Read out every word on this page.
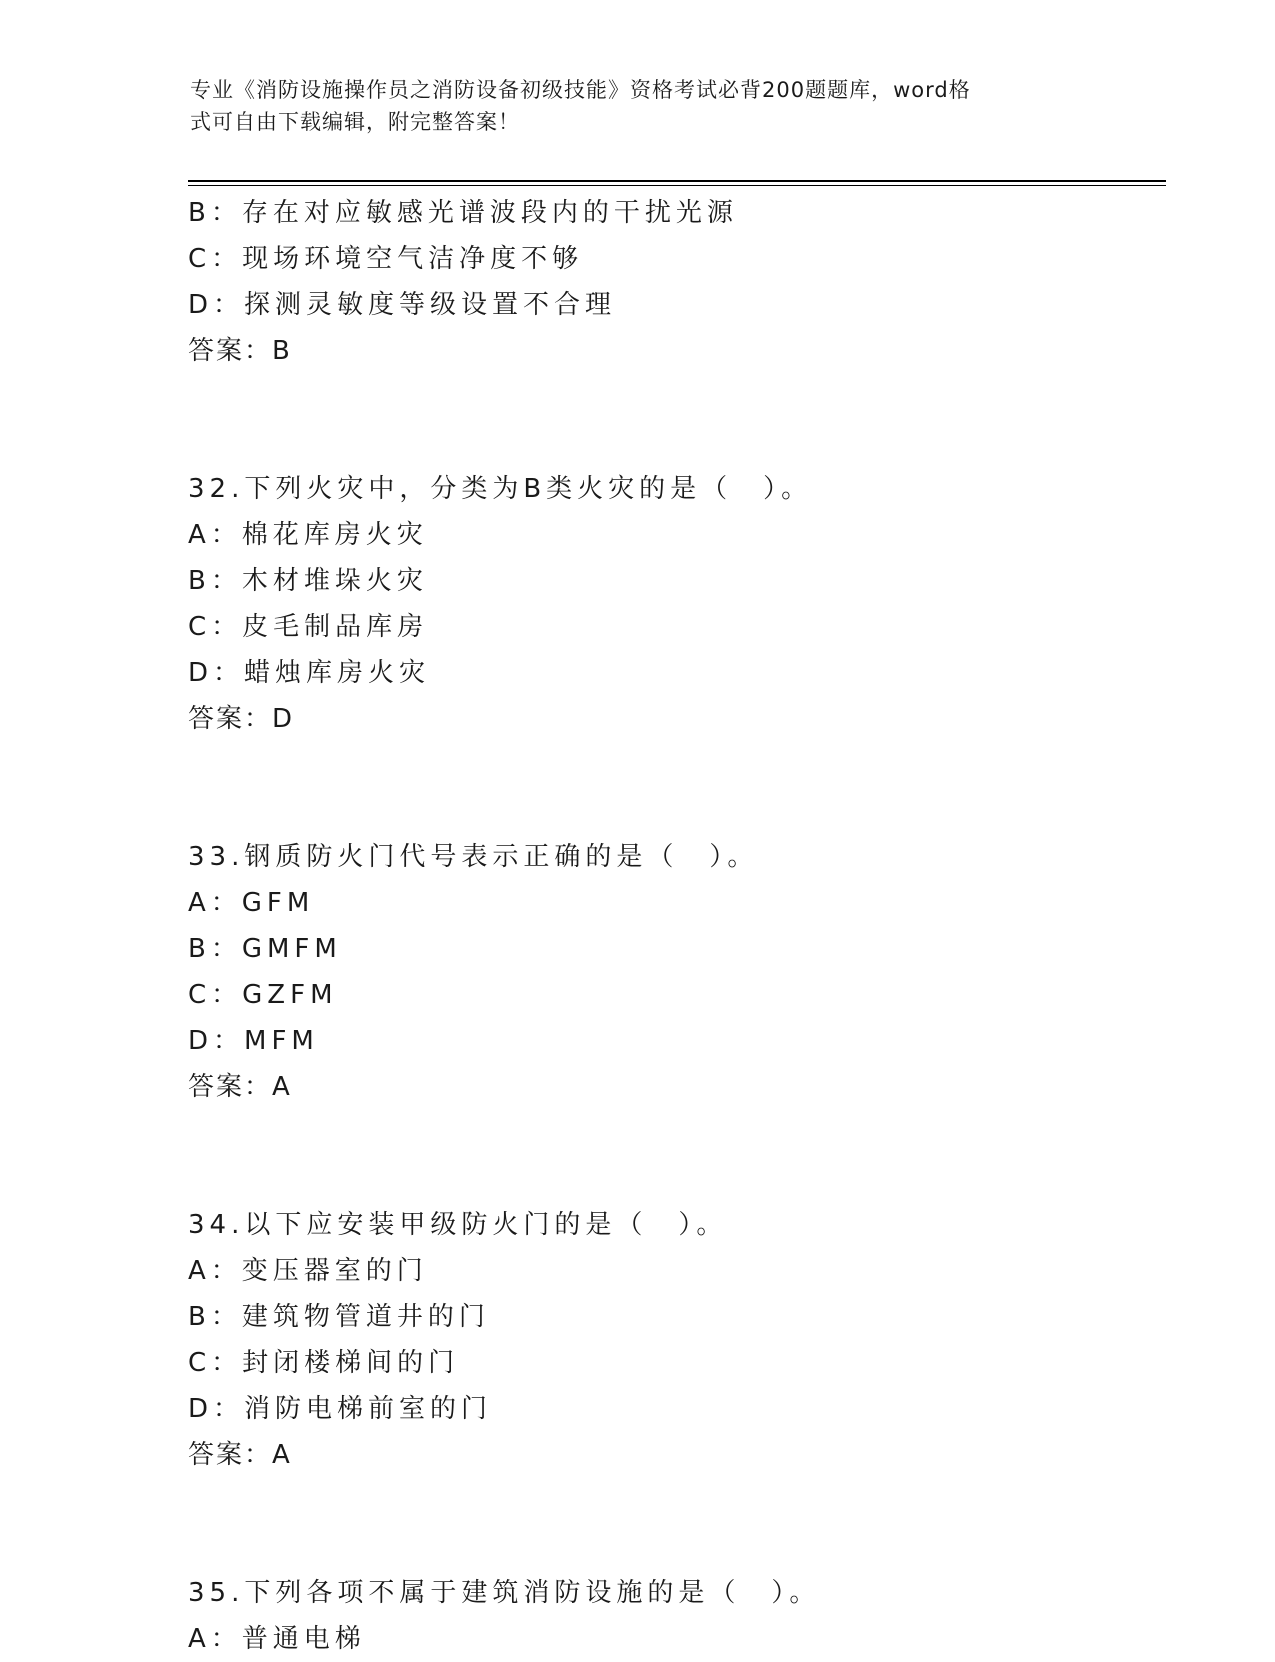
专业《消防设施操作员之消防设备初级技能》资格考试必背200题题库，word格
式可自由下载编辑，附完整答案！
B：存在对应敏感光谱波段内的干扰光源
C：现场环境空气洁净度不够
D：探测灵敏度等级设置不合理
答案：B
32.下列火灾中，分类为B类火灾的是（　）。
A：棉花库房火灾
B：木材堆垛火灾
C：皮毛制品库房
D：蜡烛库房火灾
答案：D
33.钢质防火门代号表示正确的是（　）。
A：GFM
B：GMFM
C：GZFM
D：MFM
答案：A
34.以下应安装甲级防火门的是（　）。
A：变压器室的门
B：建筑物管道井的门
C：封闭楼梯间的门
D：消防电梯前室的门
答案：A
35.下列各项不属于建筑消防设施的是（　）。
A：普通电梯
